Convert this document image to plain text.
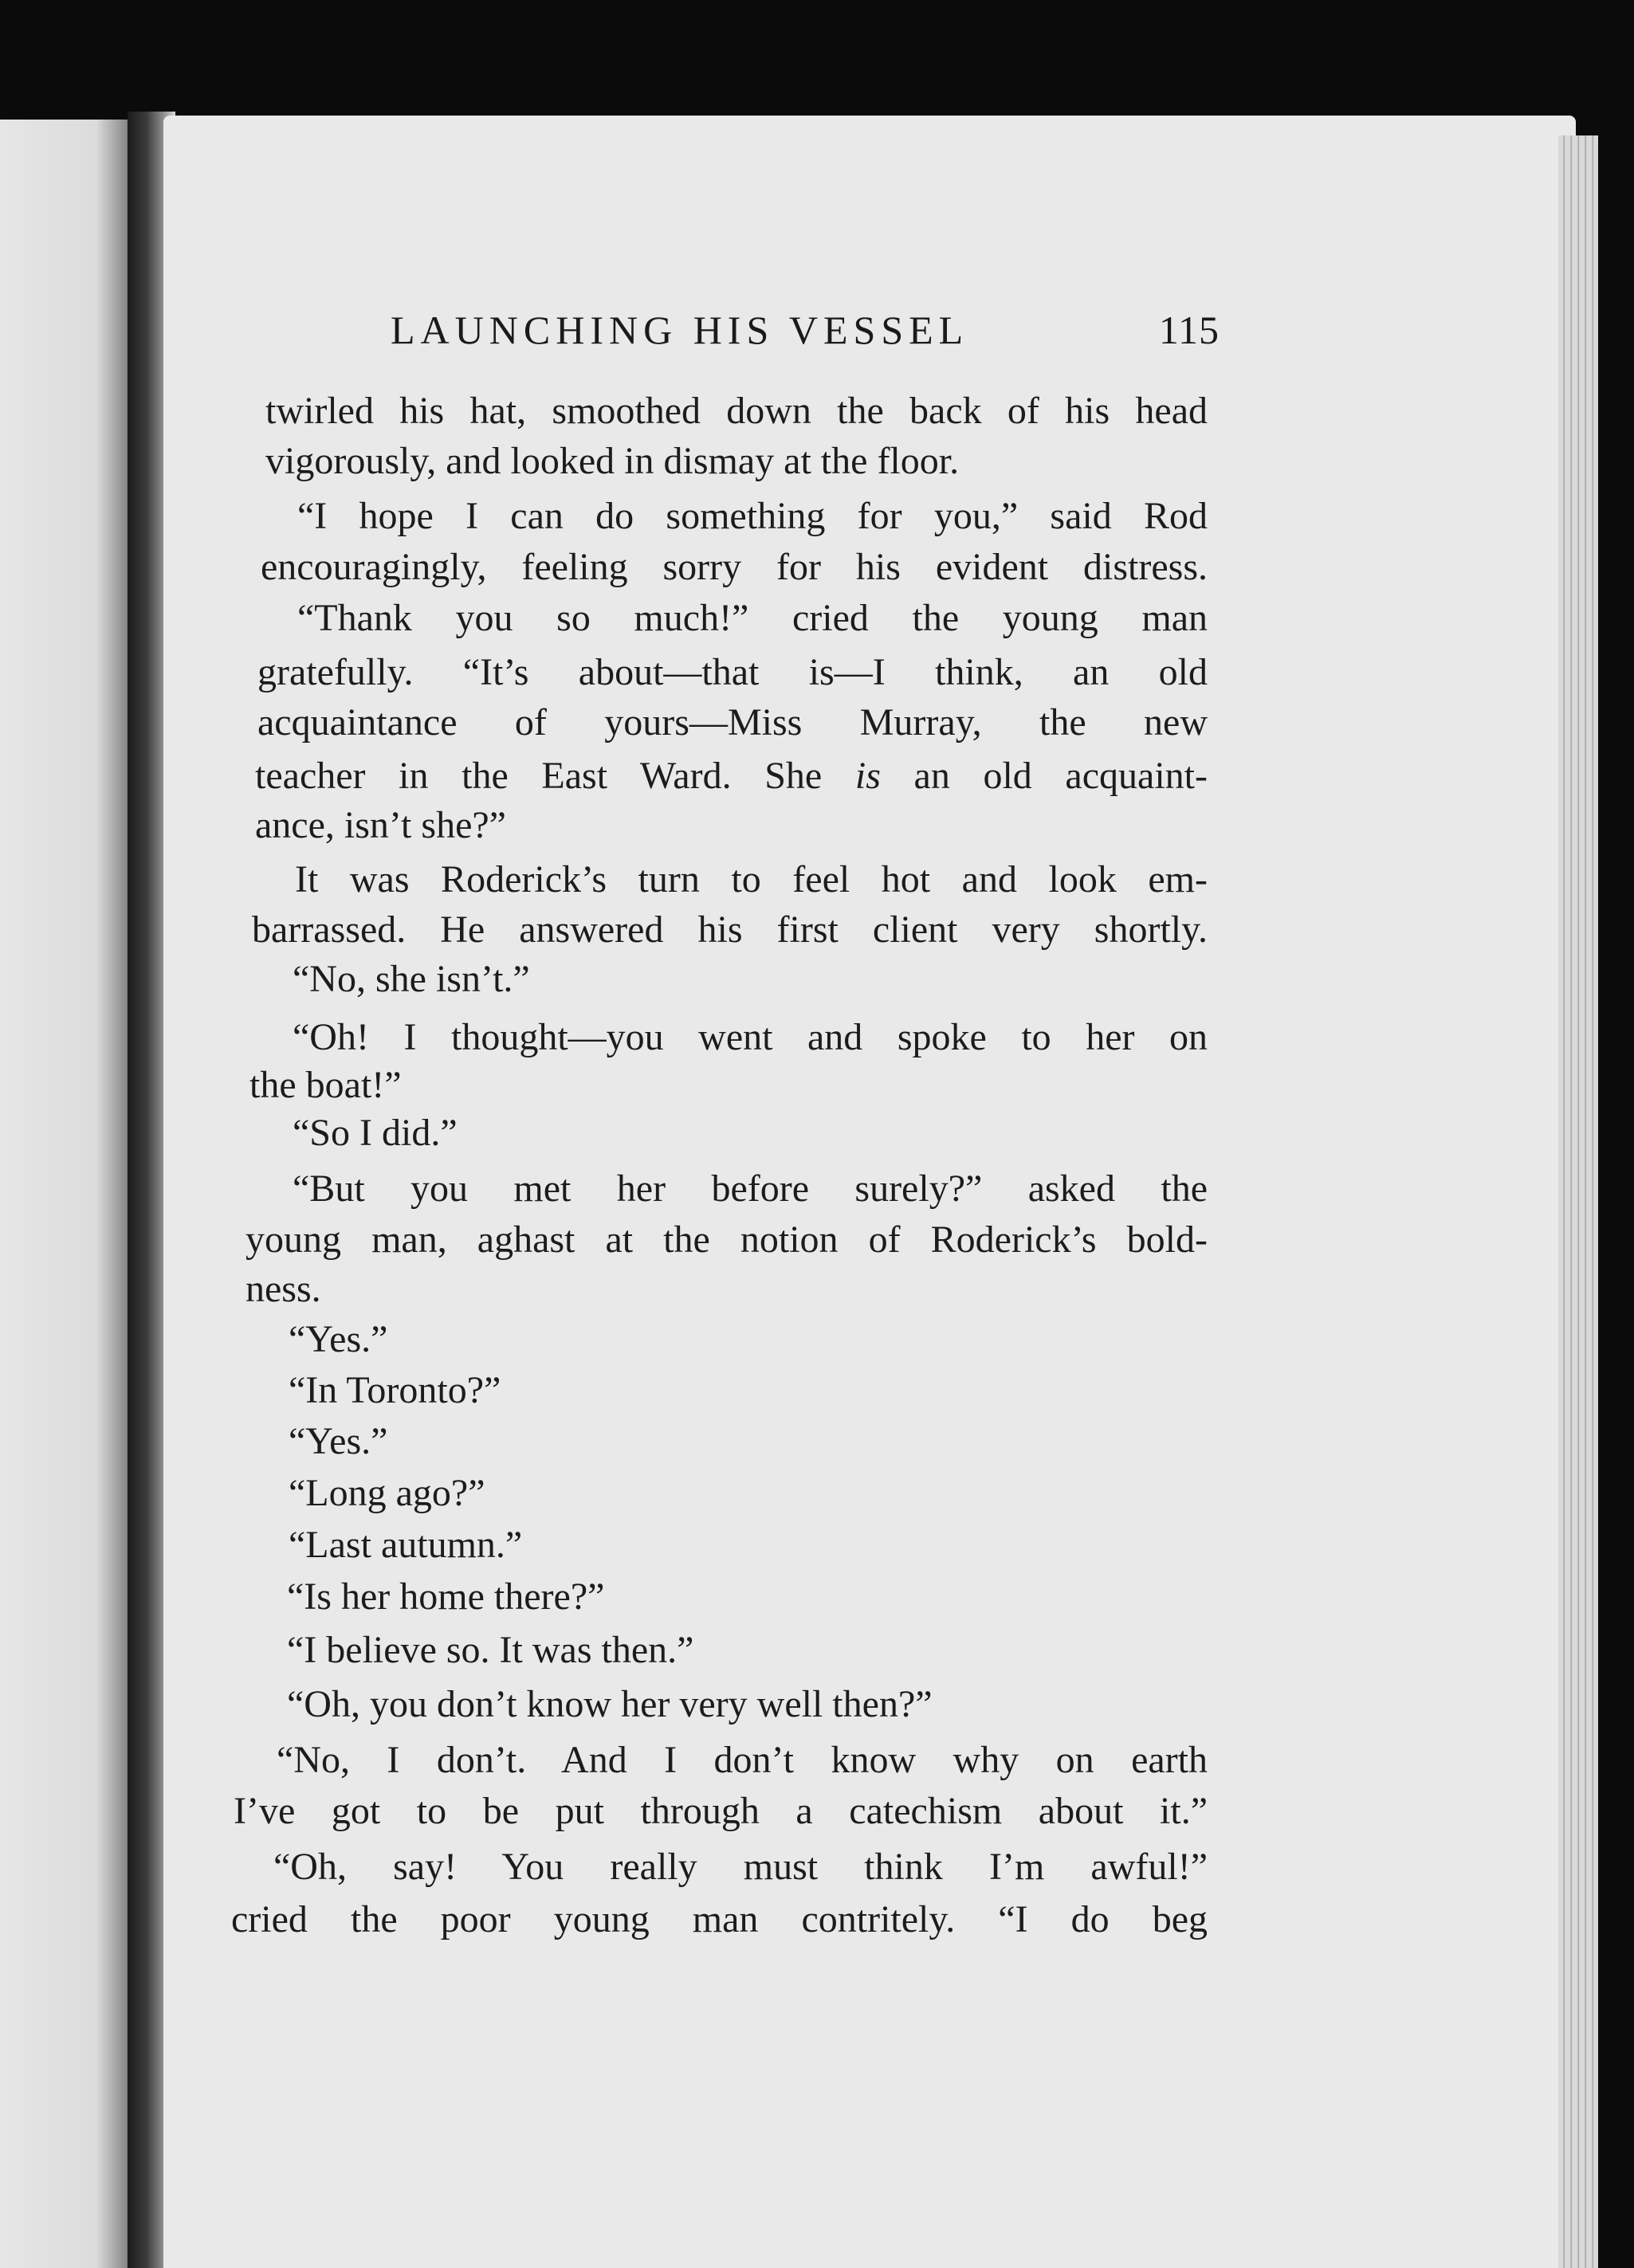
LAUNCHING HIS VESSEL	115
twirled his hat, smoothed down the back of his head
vigorously, and looked in dismay at the floor.
“I hope I can do something for you,” said Rod
encouragingly, feeling sorry for his evident distress.
“Thank you so much!” cried the young man
gratefully. “It’s about—that is—I think, an old
acquaintance of yours—Miss Murray, the new
teacher in the East Ward. She is an old acquaint-
ance, isn’t she?”
It was Roderick’s turn to feel hot and look em-
barrassed. He answered his first client very shortly.
“No, she isn’t.”
“Oh! I thought—you went and spoke to her on
the boat!”
“So I did.”
“But you met her before surely?” asked the
young man, aghast at the notion of Roderick’s bold-
ness.
“Yes.”
“In Toronto?”
“Yes.”
“Long ago?”
“Last autumn.”
“Is her home there?”
“I believe so. It was then.”
“Oh, you don’t know her very well then?”
“No, I don’t. And I don’t know why on earth
I’ve got to be put through a catechism about it.”
“Oh, say! You really must think I’m awful!”
cried the poor young man contritely. “I do beg
